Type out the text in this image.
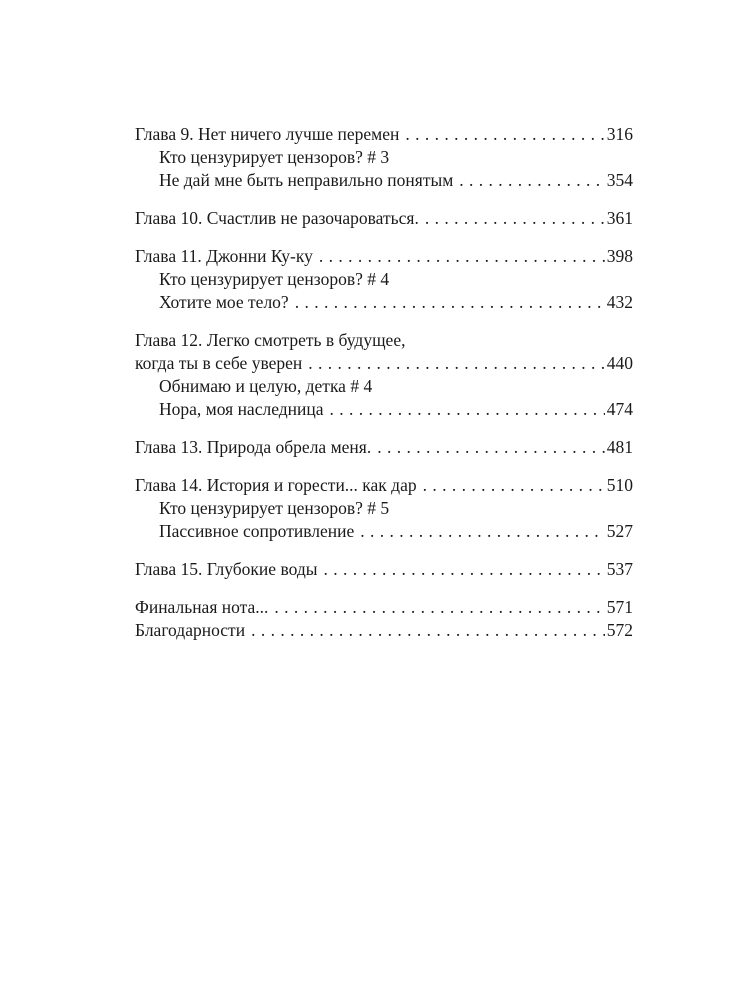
Глава 9. Нет ничего лучше перемен . . .	316
Кто цензурирует цензоров? # 3
Не дай мне быть неправильно понятым . . .	354
Глава 10. Счастлив не разочароваться. . . .	361
Глава 11. Джонни Ку-ку . . .	398
Кто цензурирует цензоров? # 4
Хотите мое тело? . . .	432
Глава 12. Легко смотреть в будущее,
когда ты в себе уверен . . .	440
Обнимаю и целую, детка # 4
Нора, моя наследница . . .	474
Глава 13. Природа обрела меня. . . .	481
Глава 14. История и горести... как дар . . .	510
Кто цензурирует цензоров? # 5
Пассивное сопротивление . . .	527
Глава 15. Глубокие воды . . .	537
Финальная нота... . . .	571
Благодарности . . .	572
